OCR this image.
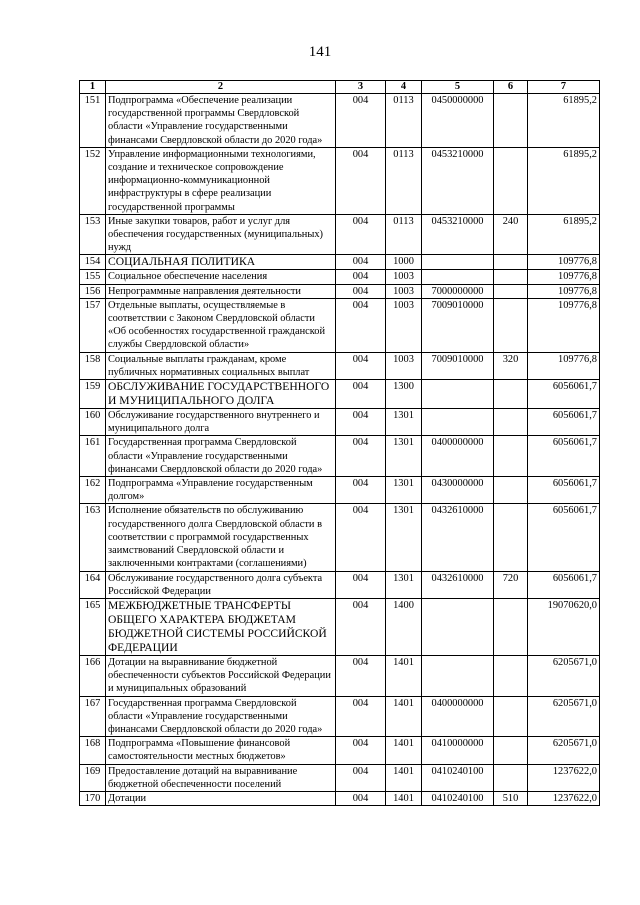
141
1	2	3	4	5	6	7
151	Подпрограмма «Обеспечение реализации государственной программы Свердловской области «Управление государственными финансами Свердловской области до 2020 года»	004	0113	0450000000		61895,2
152	Управление информационными технологиями, создание и техническое сопровождение информационно-коммуникационной инфраструктуры в сфере реализации государственной программы	004	0113	0453210000		61895,2
153	Иные закупки товаров, работ и услуг для обеспечения государственных (муниципальных) нужд	004	0113	0453210000	240	61895,2
154	СОЦИАЛЬНАЯ ПОЛИТИКА	004	1000			109776,8
155	Социальное обеспечение населения	004	1003			109776,8
156	Непрограммные направления деятельности	004	1003	7000000000		109776,8
157	Отдельные выплаты, осуществляемые в соответствии с Законом Свердловской области «Об особенностях государственной гражданской службы Свердловской области»	004	1003	7009010000		109776,8
158	Социальные выплаты гражданам, кроме публичных нормативных социальных выплат	004	1003	7009010000	320	109776,8
159	ОБСЛУЖИВАНИЕ ГОСУДАРСТВЕННОГО И МУНИЦИПАЛЬНОГО ДОЛГА	004	1300			6056061,7
160	Обслуживание государственного внутреннего и муниципального долга	004	1301			6056061,7
161	Государственная программа Свердловской области «Управление государственными финансами Свердловской области до 2020 года»	004	1301	0400000000		6056061,7
162	Подпрограмма «Управление государственным долгом»	004	1301	0430000000		6056061,7
163	Исполнение обязательств по обслуживанию государственного долга Свердловской области в соответствии с программой государственных заимствований Свердловской области и заключенными контрактами (соглашениями)	004	1301	0432610000		6056061,7
164	Обслуживание государственного долга субъекта Российской Федерации	004	1301	0432610000	720	6056061,7
165	МЕЖБЮДЖЕТНЫЕ ТРАНСФЕРТЫ ОБЩЕГО ХАРАКТЕРА БЮДЖЕТАМ БЮДЖЕТНОЙ СИСТЕМЫ РОССИЙСКОЙ ФЕДЕРАЦИИ	004	1400			19070620,0
166	Дотации на выравнивание бюджетной обеспеченности субъектов Российской Федерации и муниципальных образований	004	1401			6205671,0
167	Государственная программа Свердловской области «Управление государственными финансами Свердловской области до 2020 года»	004	1401	0400000000		6205671,0
168	Подпрограмма «Повышение финансовой самостоятельности местных бюджетов»	004	1401	0410000000		6205671,0
169	Предоставление дотаций на выравнивание бюджетной обеспеченности поселений	004	1401	0410240100		1237622,0
170	Дотации	004	1401	0410240100	510	1237622,0
